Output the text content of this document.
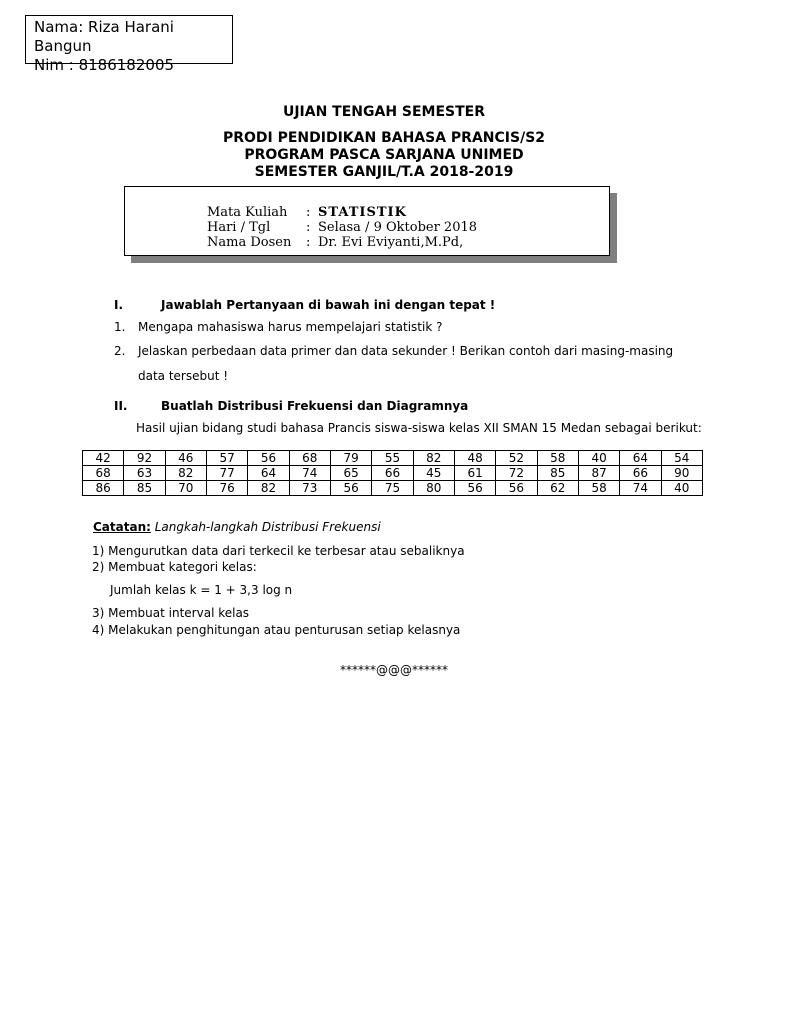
Nama: Riza Harani
Bangun
Nim : 8186182005
UJIAN TENGAH SEMESTER
PRODI PENDIDIKAN BAHASA PRANCIS/S2
PROGRAM PASCA SARJANA UNIMED
SEMESTER GANJIL/T.A 2018-2019
Mata Kuliah : STATISTIK
Hari / Tgl	: Selasa / 9 Oktober 2018
Nama Dosen : Dr. Evi Eviyanti,M.Pd,
I.	Jawablah Pertanyaan di bawah ini dengan tepat !
1. Mengapa mahasiswa harus mempelajari statistik ?
2. Jelaskan perbedaan data primer dan data sekunder ! Berikan contoh dari masing-masing
data tersebut !
II.	Buatlah Distribusi Frekuensi dan Diagramnya
Hasil ujian bidang studi bahasa Prancis siswa-siswa kelas XII SMAN 15 Medan sebagai berikut:
42	92	46	57	56	68	79	55	82	48	52	58	40	64	54
68	63	82	77	64	74	65	66	45	61	72	85	87	66	90
86	85	70	76	82	73	56	75	80	56	56	62	58	74	40
Catatan: Langkah-langkah Distribusi Frekuensi
1) Mengurutkan data dari terkecil ke terbesar atau sebaliknya
2) Membuat kategori kelas:
Jumlah kelas k = 1 + 3,3 log n
3) Membuat interval kelas
4) Melakukan penghitungan atau penturusan setiap kelasnya
******@@@******
